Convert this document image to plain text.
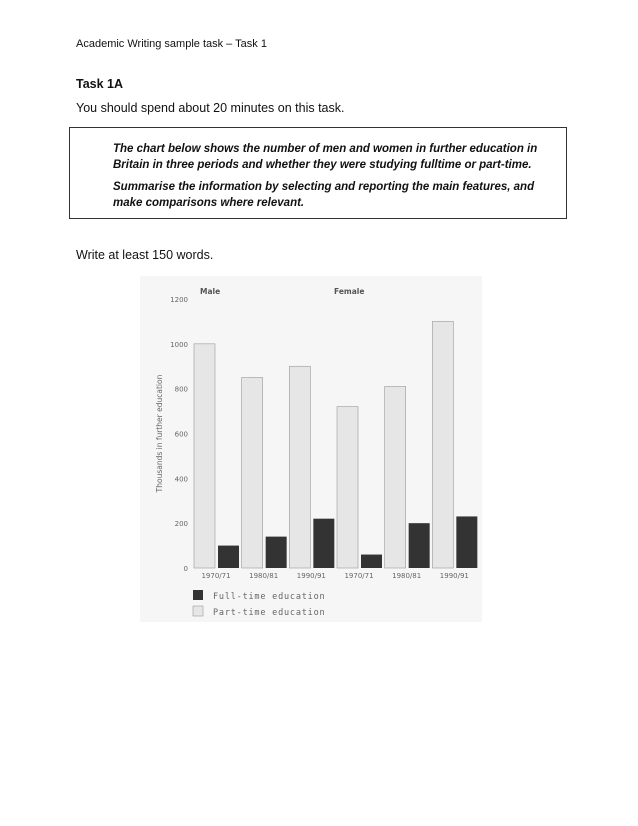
Academic Writing sample task – Task 1
Task 1A
You should spend about 20 minutes on this task.

The chart below shows the number of men and women in further education in Britain in three periods and whether they were studying fulltime or part-time.

Summarise the information by selecting and reporting the main features, and make comparisons where relevant.

Write at least 150 words.
0
200
400
600
800
1000
1200
Thousands in further education
Male	Female
1970/71	1980/81	1990/91	1970/71	1980/81	1990/91
Full-time education
Part-time education
